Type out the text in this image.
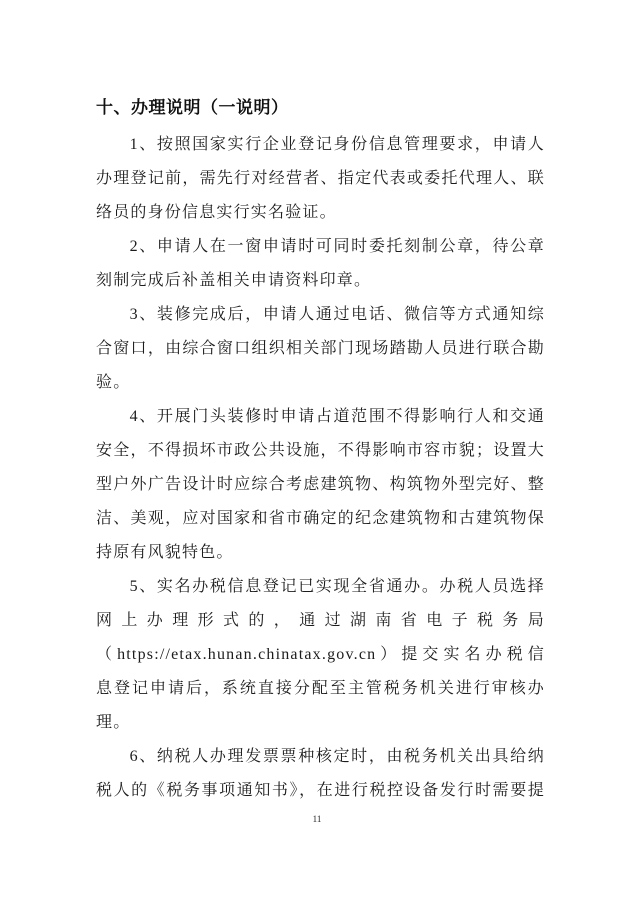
十、办理说明（一说明）
1、按照国家实行企业登记身份信息管理要求，申请人
办理登记前，需先行对经营者、指定代表或委托代理人、联
络员的身份信息实行实名验证。
2、申请人在一窗申请时可同时委托刻制公章，待公章
刻制完成后补盖相关申请资料印章。
3、装修完成后，申请人通过电话、微信等方式通知综
合窗口，由综合窗口组织相关部门现场踏勘人员进行联合勘
验。
4、开展门头装修时申请占道范围不得影响行人和交通
安全，不得损坏市政公共设施，不得影响市容市貌；设置大
型户外广告设计时应综合考虑建筑物、构筑物外型完好、整
洁、美观，应对国家和省市确定的纪念建筑物和古建筑物保
持原有风貌特色。
5、实名办税信息登记已实现全省通办。办税人员选择
网上办理形式的，通过湖南省电子税务局
（https://etax.hunan.chinatax.gov.cn）提交实名办税信
息登记申请后，系统直接分配至主管税务机关进行审核办
理。
6、纳税人办理发票票种核定时，由税务机关出具给纳
税人的《税务事项通知书》，在进行税控设备发行时需要提
11
